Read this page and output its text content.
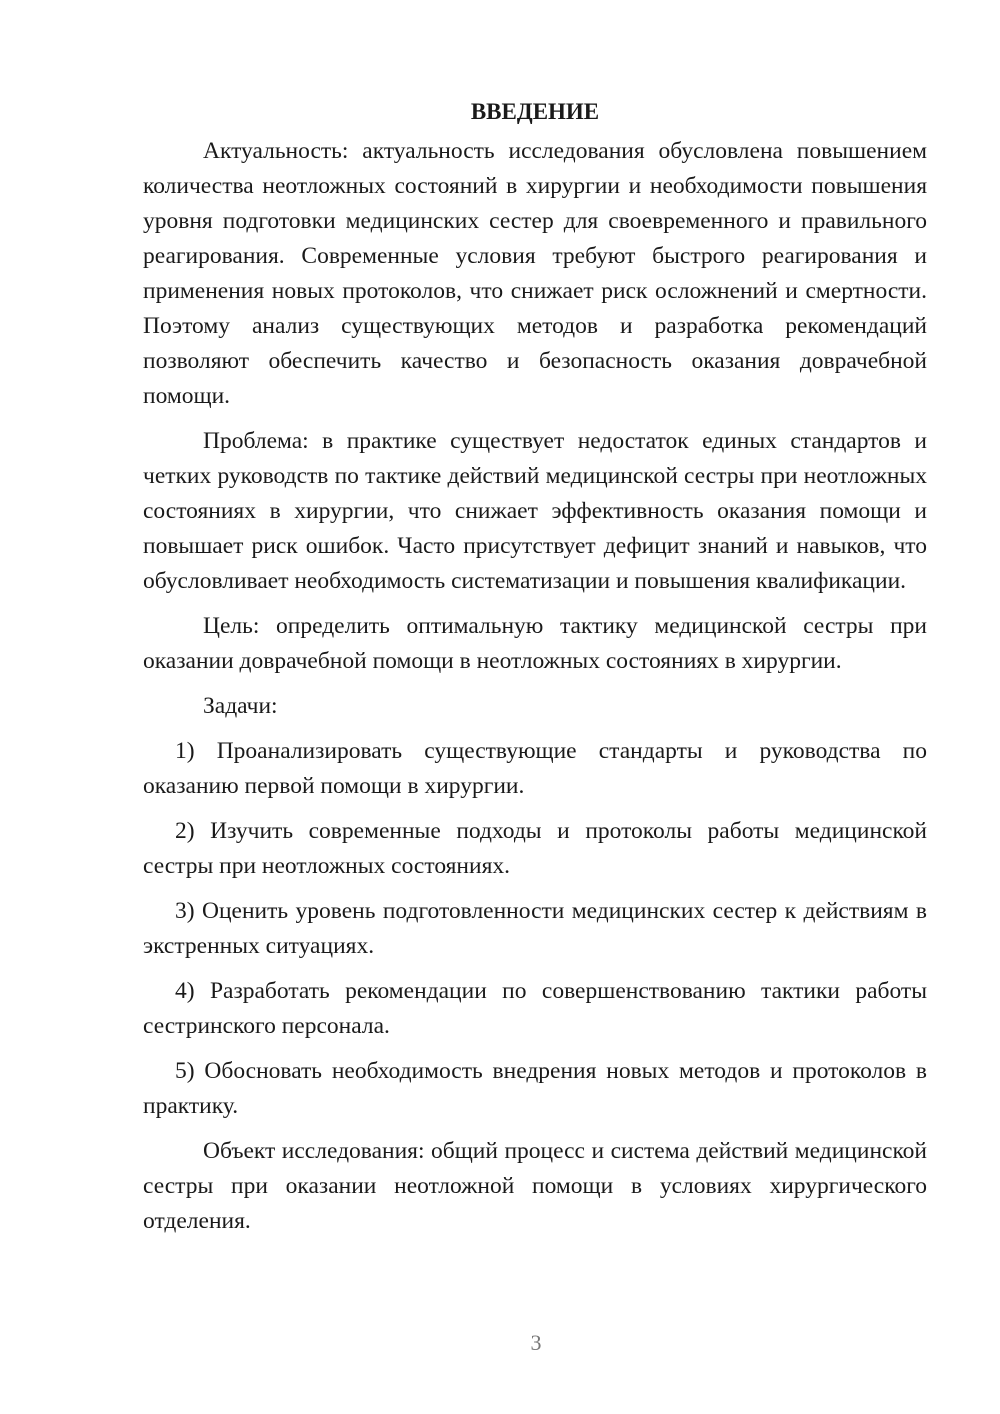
ВВЕДЕНИЕ

Актуальность: актуальность исследования обусловлена повышением количества неотложных состояний в хирургии и необходимости повышения уровня подготовки медицинских сестер для своевременного и правильного реагирования. Современные условия требуют быстрого реагирования и применения новых протоколов, что снижает риск осложнений и смертности. Поэтому анализ существующих методов и разработка рекомендаций позволяют обеспечить качество и безопасность оказания доврачебной помощи.

Проблема: в практике существует недостаток единых стандартов и четких руководств по тактике действий медицинской сестры при неотложных состояниях в хирургии, что снижает эффективность оказания помощи и повышает риск ошибок. Часто присутствует дефицит знаний и навыков, что обусловливает необходимость систематизации и повышения квалификации.

Цель: определить оптимальную тактику медицинской сестры при оказании доврачебной помощи в неотложных состояниях в хирургии.

Задачи:

1) Проанализировать существующие стандарты и руководства по оказанию первой помощи в хирургии.

2) Изучить современные подходы и протоколы работы медицинской сестры при неотложных состояниях.

3) Оценить уровень подготовленности медицинских сестер к действиям в экстренных ситуациях.

4) Разработать рекомендации по совершенствованию тактики работы сестринского персонала.

5) Обосновать необходимость внедрения новых методов и протоколов в практику.

Объект исследования: общий процесс и система действий медицинской сестры при оказании неотложной помощи в условиях хирургического отделения.

3
